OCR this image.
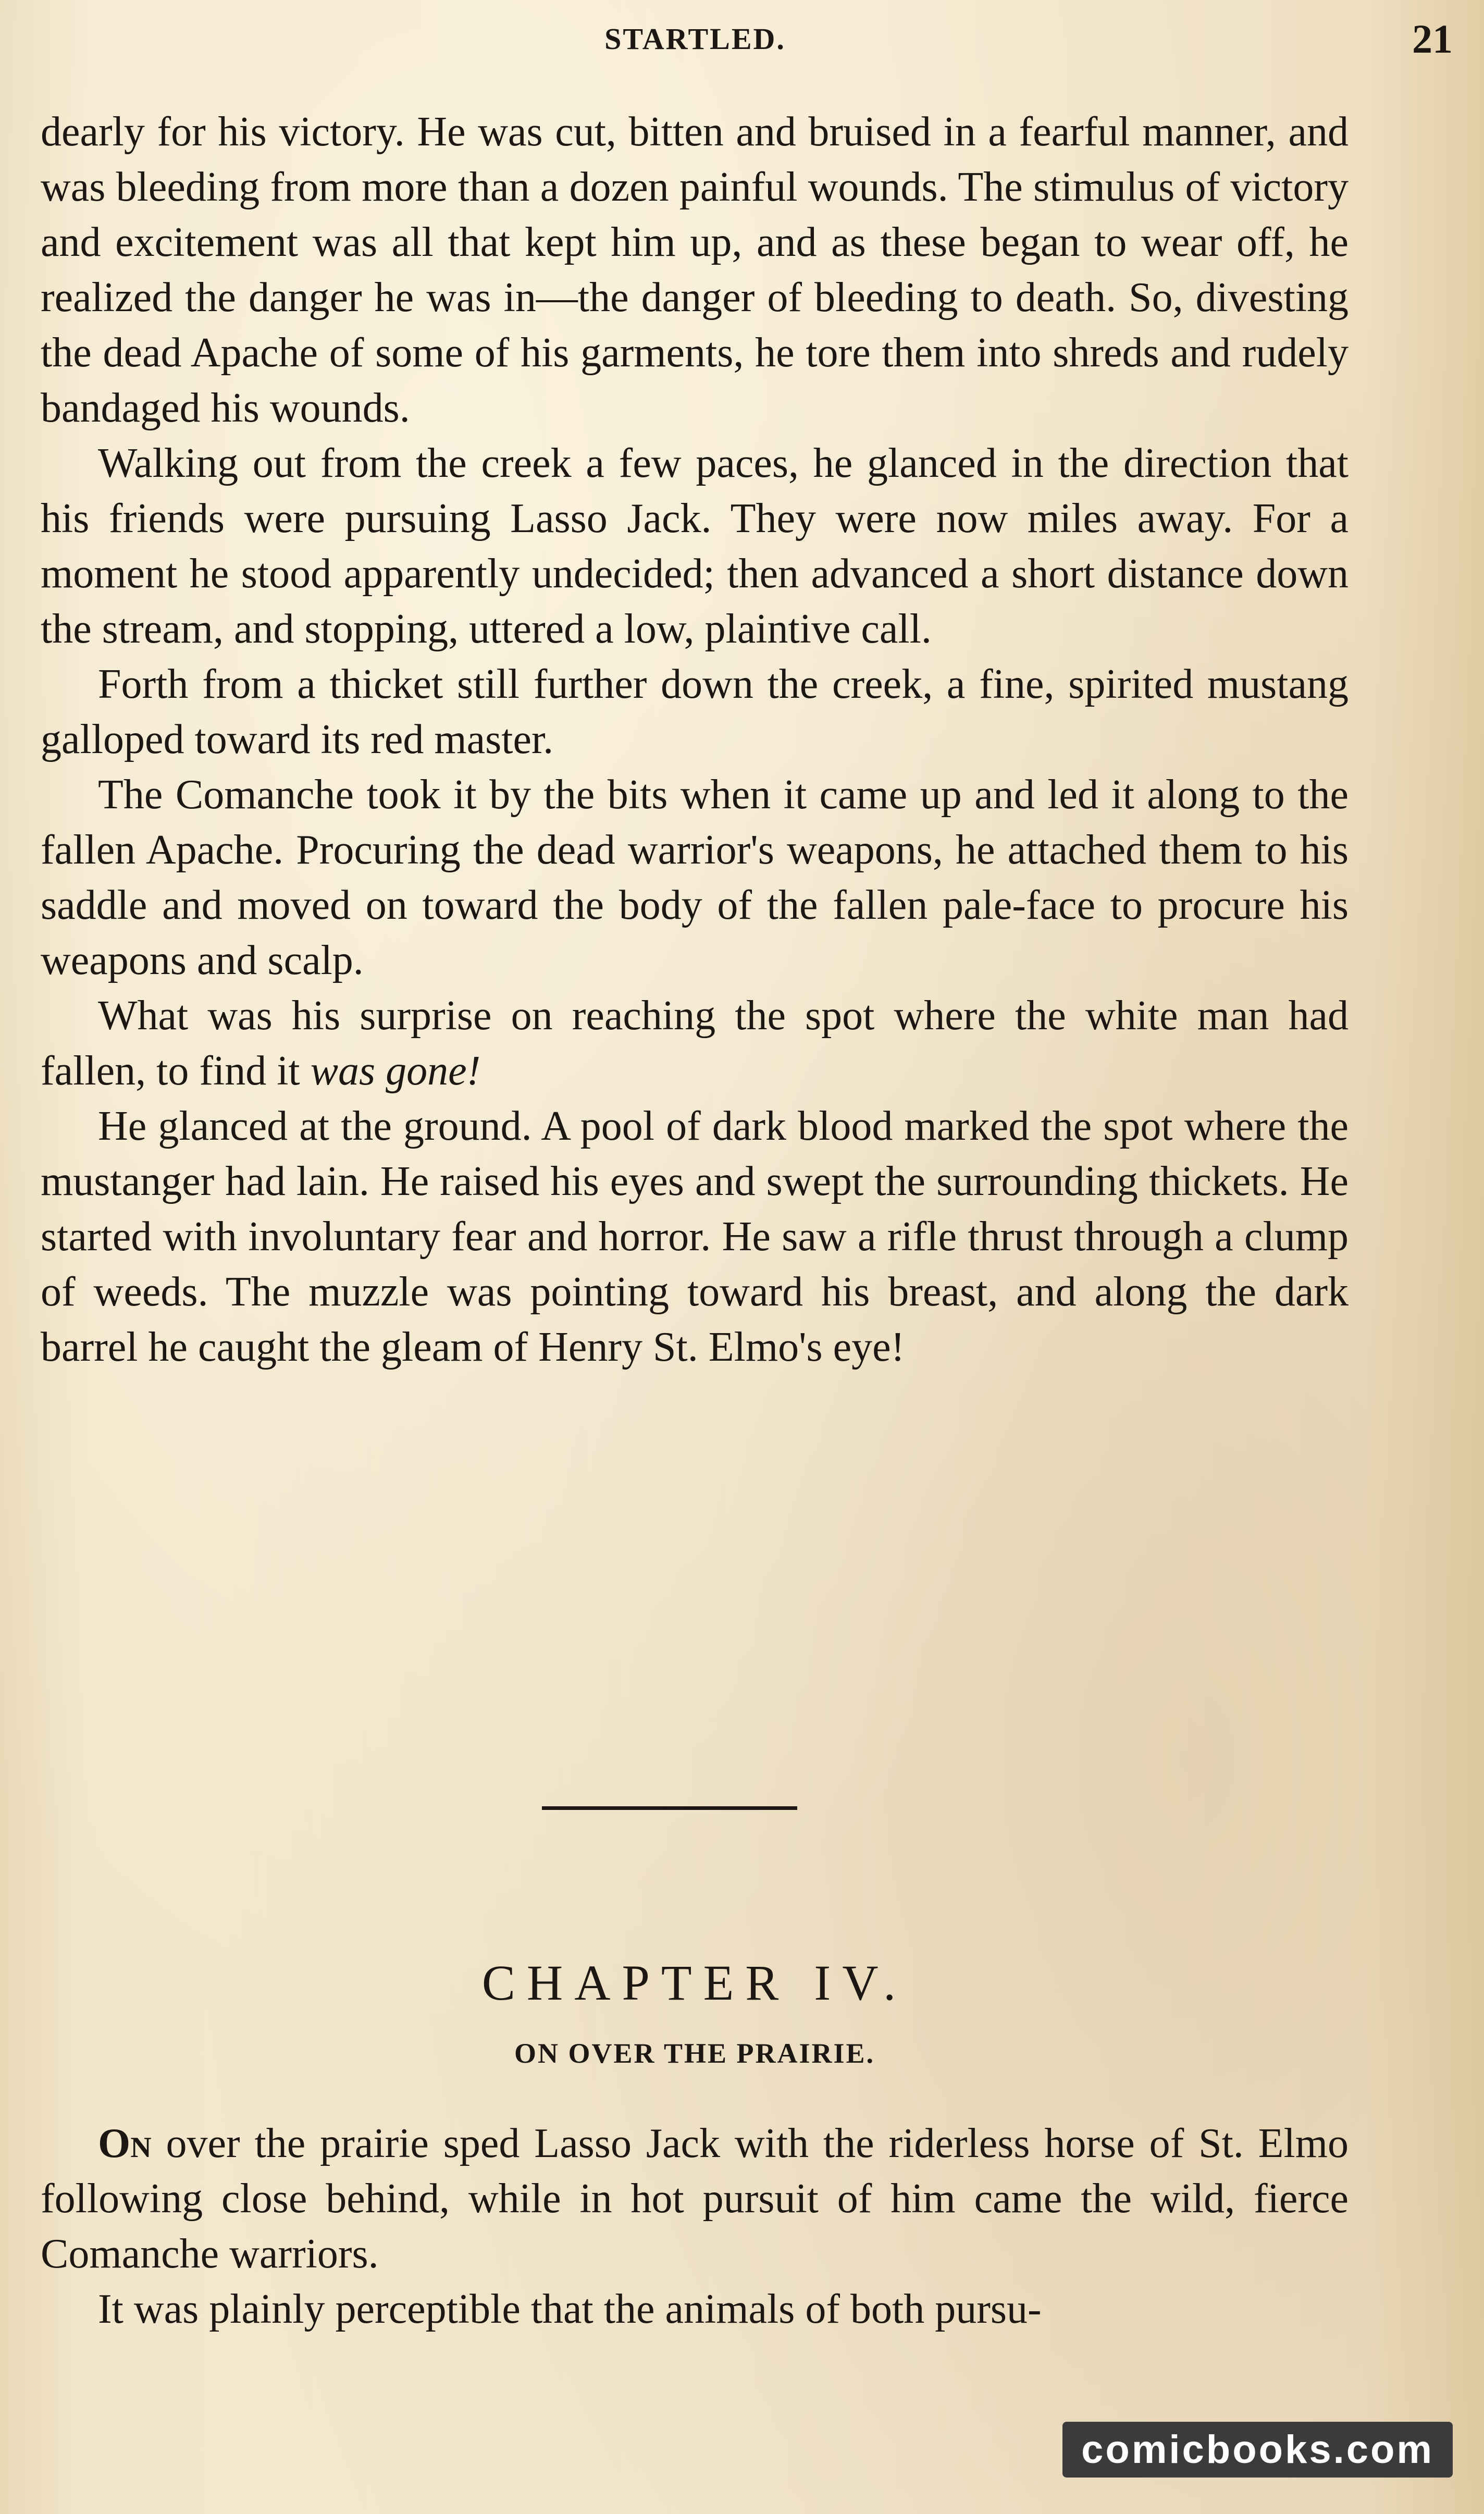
STARTLED.	21

dearly for his victory. He was cut, bitten and bruised in a fearful manner, and was bleeding from more than a dozen painful wounds. The stimulus of victory and excitement was all that kept him up, and as these began to wear off, he realized the danger he was in—the danger of bleeding to death. So, divesting the dead Apache of some of his garments, he tore them into shreds and rudely bandaged his wounds.

Walking out from the creek a few paces, he glanced in the direction that his friends were pursuing Lasso Jack. They were now miles away. For a moment he stood apparently undecided; then advanced a short distance down the stream, and stopping, uttered a low, plaintive call.

Forth from a thicket still further down the creek, a fine, spirited mustang galloped toward its red master.

The Comanche took it by the bits when it came up and led it along to the fallen Apache. Procuring the dead warrior's weapons, he attached them to his saddle and moved on toward the body of the fallen pale-face to procure his weapons and scalp.

What was his surprise on reaching the spot where the white man had fallen, to find it was gone!

He glanced at the ground. A pool of dark blood marked the spot where the mustanger had lain. He raised his eyes and swept the surrounding thickets. He started with involuntary fear and horror. He saw a rifle thrust through a clump of weeds. The muzzle was pointing toward his breast, and along the dark barrel he caught the gleam of Henry St. Elmo's eye!

CHAPTER IV.
ON OVER THE PRAIRIE.

On over the prairie sped Lasso Jack with the riderless horse of St. Elmo following close behind, while in hot pursuit of him came the wild, fierce Comanche warriors.

It was plainly perceptible that the animals of both pursu-

comicbooks.com
